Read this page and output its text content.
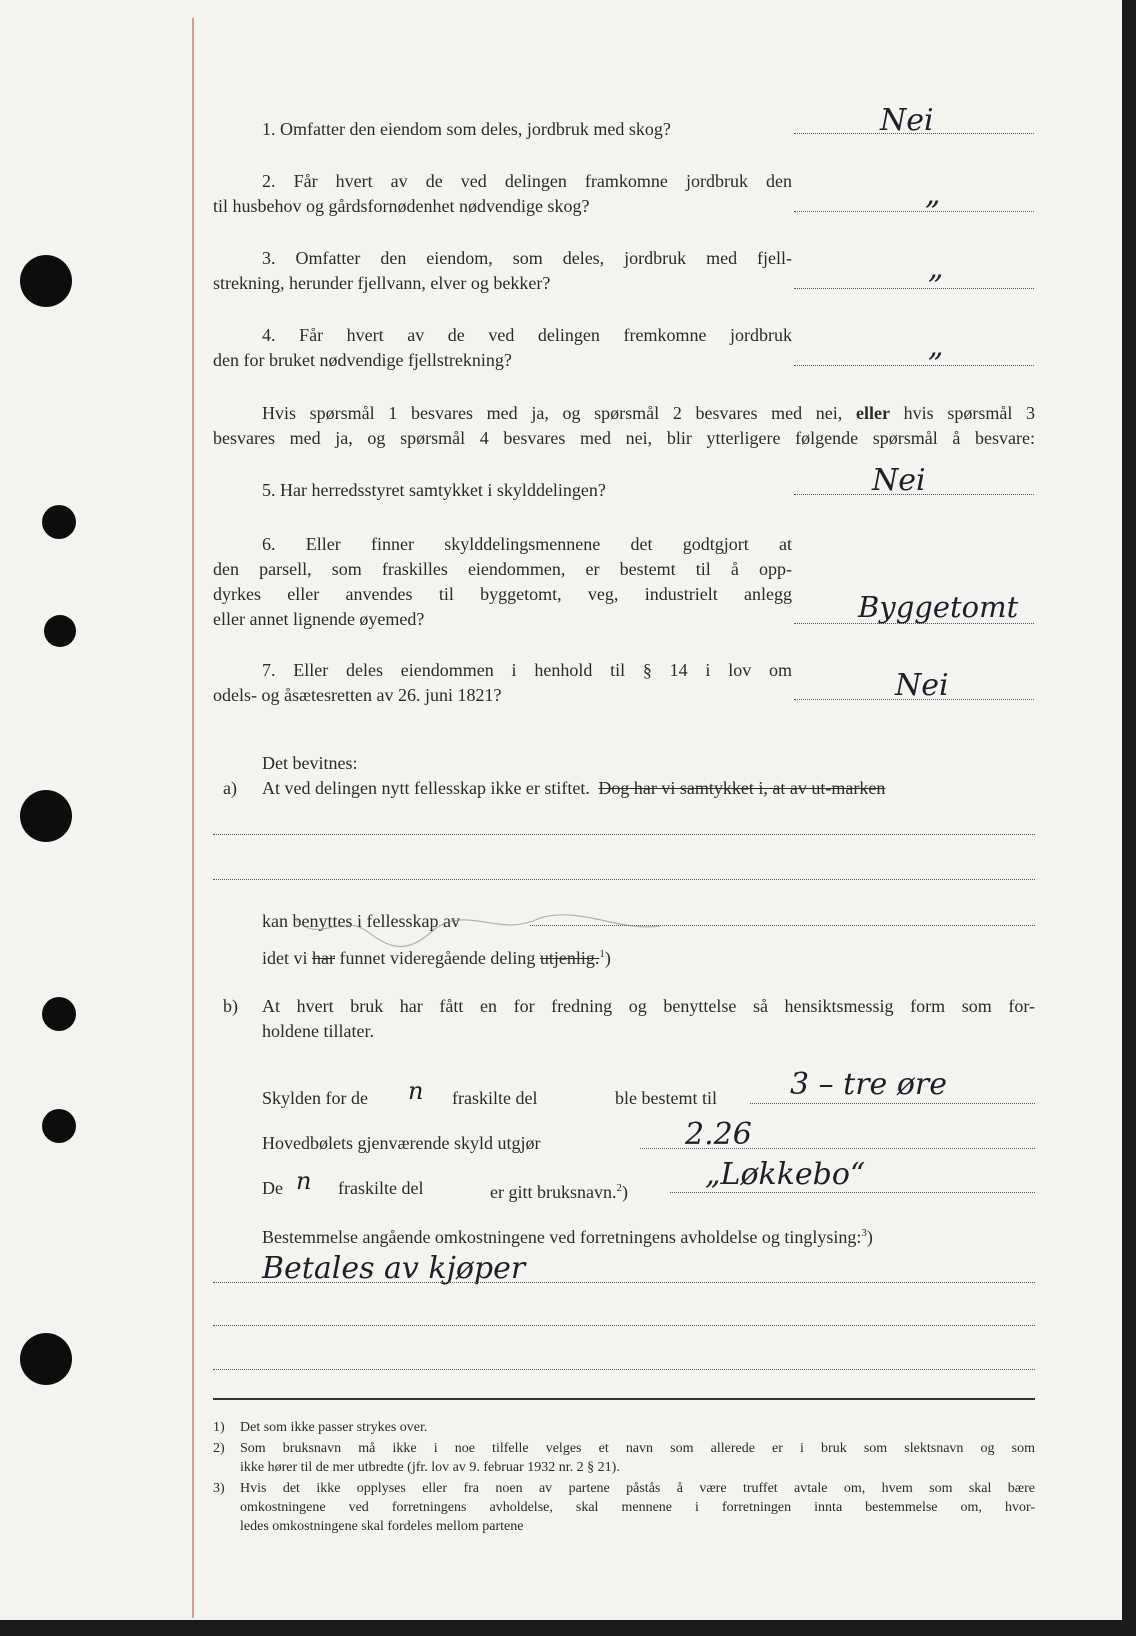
1. Omfatter den eiendom som deles, jordbruk med skog?	Nei
2. Får hvert av de ved delingen framkomne jordbruk den
til husbehov og gårdsfornødenhet nødvendige skog?	„
3. Omfatter den eiendom, som deles, jordbruk med fjell-
strekning, herunder fjellvann, elver og bekker?	„
4. Får hvert av de ved delingen fremkomne jordbruk
den for bruket nødvendige fjellstrekning?	„
Hvis spørsmål 1 besvares med ja, og spørsmål 2 besvares med nei, eller hvis spørsmål 3
besvares med ja, og spørsmål 4 besvares med nei, blir ytterligere følgende spørsmål å besvare:
5. Har herredsstyret samtykket i skylddelingen?	Nei
6. Eller finner skylddelingsmennene det godtgjort at
den parsell, som fraskilles eiendommen, er bestemt til å opp-
dyrkes eller anvendes til byggetomt, veg, industrielt anlegg
eller annet lignende øyemed?	Byggetomt
7. Eller deles eiendommen i henhold til § 14 i lov om
odels- og åsætesretten av 26. juni 1821?	Nei
Det bevitnes:
a) At ved delingen nytt fellesskap ikke er stiftet. Dog har vi samtykket i, at av ut-marken
kan benyttes i fellesskap av
idet vi har funnet videregående deling utjenlig.$^1$)
b) At hvert bruk har fått en for fredning og benyttelse så hensiktsmessig form som for-
holdene tillater.
Skylden for de n fraskilte del	ble bestemt til 3 – tre øre
Hovedbølets gjenværende skyld utgjør	2.26
De n fraskilte del	er gitt bruksnavn.$^2$)	„Løkkebo“
Bestemmelse angående omkostningene ved forretningens avholdelse og tinglysing:$^3$)
Betales av kjøper
1) Det som ikke passer strykes over.
2) Som bruksnavn må ikke i noe tilfelle velges et navn som allerede er i bruk som slektsnavn og som
ikke hører til de mer utbredte (jfr. lov av 9. februar 1932 nr. 2 § 21).
3) Hvis det ikke opplyses eller fra noen av partene påstås å være truffet avtale om, hvem som skal bære
omkostningene ved forretningens avholdelse, skal mennene i forretningen innta bestemmelse om, hvor-
ledes omkostningene skal fordeles mellom partene
